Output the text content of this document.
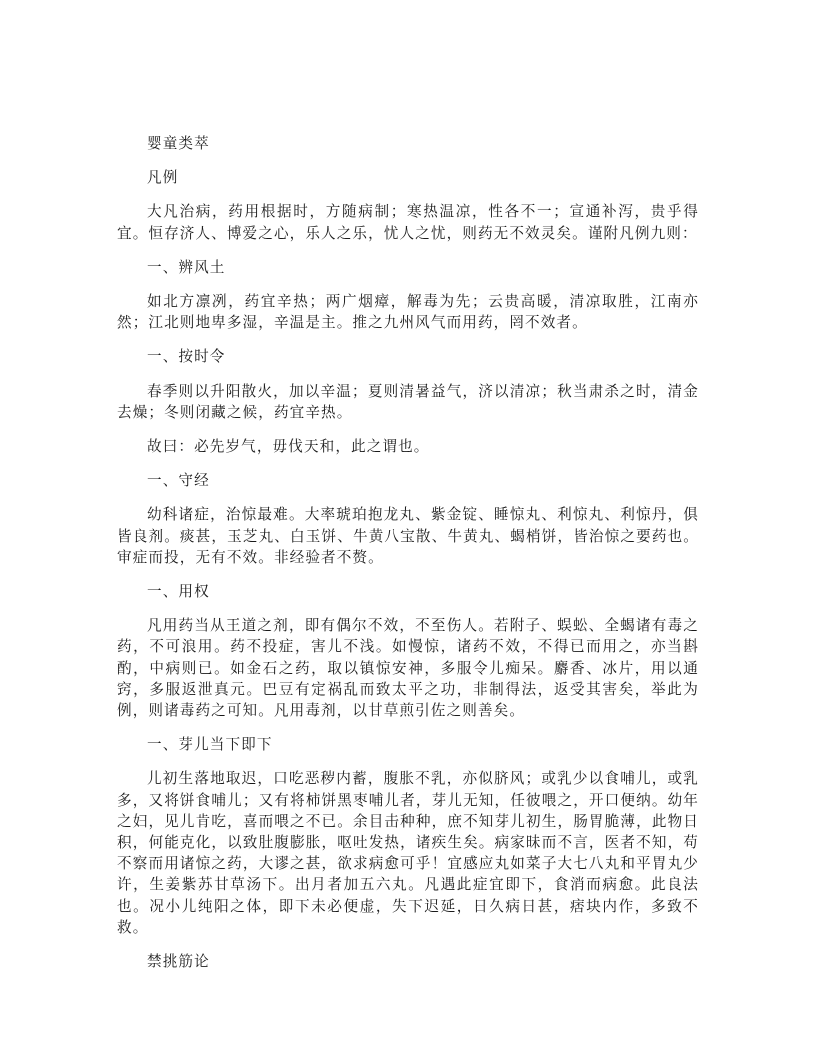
婴童类萃

凡例

大凡治病，药用根据时，方随病制；寒热温凉，性各不一；宣通补泻，贵乎得宜。恒存济人、博爱之心，乐人之乐，忧人之忧，则药无不效灵矣。谨附凡例九则：

一、辨风土

如北方凛冽，药宜辛热；两广烟瘴，解毒为先；云贵高暖，清凉取胜，江南亦然；江北则地卑多湿，辛温是主。推之九州风气而用药，罔不效者。

一、按时令

春季则以升阳散火，加以辛温；夏则清暑益气，济以清凉；秋当肃杀之时，清金去燥；冬则闭藏之候，药宜辛热。

故曰：必先岁气，毋伐天和，此之谓也。

一、守经

幼科诸症，治惊最难。大率琥珀抱龙丸、紫金锭、睡惊丸、利惊丸、利惊丹，俱皆良剂。痰甚，玉芝丸、白玉饼、牛黄八宝散、牛黄丸、蝎梢饼，皆治惊之要药也。审症而投，无有不效。非经验者不赘。

一、用权

凡用药当从王道之剂，即有偶尔不效，不至伤人。若附子、蜈蚣、全蝎诸有毒之药，不可浪用。药不投症，害儿不浅。如慢惊，诸药不效，不得已而用之，亦当斟酌，中病则已。如金石之药，取以镇惊安神，多服令儿痴呆。麝香、冰片，用以通窍，多服返泄真元。巴豆有定祸乱而致太平之功，非制得法，返受其害矣，举此为例，则诸毒药之可知。凡用毒剂，以甘草煎引佐之则善矣。

一、芽儿当下即下

儿初生落地取迟，口吃恶秽内蓄，腹胀不乳，亦似脐风；或乳少以食哺儿，或乳多，又将饼食哺儿；又有将柿饼黑枣哺儿者，芽儿无知，任彼喂之，开口便纳。幼年之妇，见儿肯吃，喜而喂之不已。余目击种种，庶不知芽儿初生，肠胃脆薄，此物日积，何能克化，以致肚腹膨胀，呕吐发热，诸疾生矣。病家昧而不言，医者不知，苟不察而用诸惊之药，大谬之甚，欲求病愈可乎！宜感应丸如菜子大七八丸和平胃丸少许，生姜紫苏甘草汤下。出月者加五六丸。凡遇此症宜即下，食消而病愈。此良法也。况小儿纯阳之体，即下未必便虚，失下迟延，日久病日甚，痞块内作，多致不救。

禁挑筋论
